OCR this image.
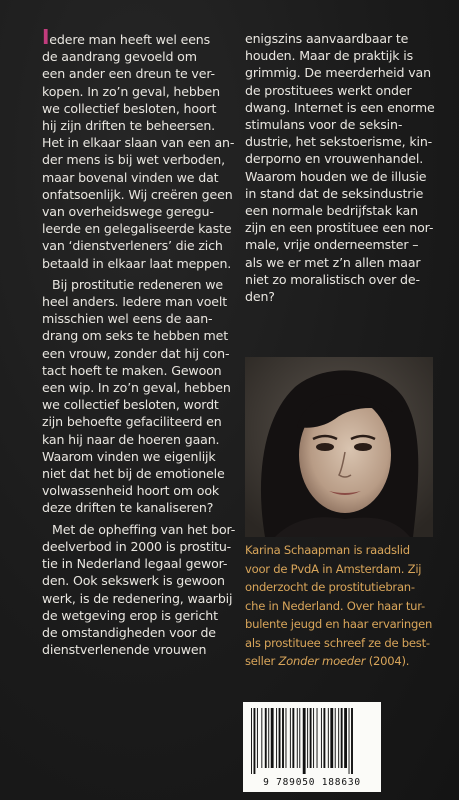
Iedere man heeft wel eens
de aandrang gevoeld om
een ander een dreun te ver-
kopen. In zo’n geval, hebben
we collectief besloten, hoort
hij zijn driften te beheersen.
Het in elkaar slaan van een an-
der mens is bij wet verboden,
maar bovenal vinden we dat
onfatsoenlijk. Wij creëren geen
van overheidswege geregu-
leerde en gelegaliseerde kaste
van ‘dienstverleners’ die zich
betaald in elkaar laat meppen.
Bij prostitutie redeneren we
heel anders. Iedere man voelt
misschien wel eens de aan-
drang om seks te hebben met
een vrouw, zonder dat hij con-
tact hoeft te maken. Gewoon
een wip. In zo’n geval, hebben
we collectief besloten, wordt
zijn behoefte gefaciliteerd en
kan hij naar de hoeren gaan.
Waarom vinden we eigenlijk
niet dat het bij de emotionele
volwassenheid hoort om ook
deze driften te kanaliseren?
Met de opheffing van het bor-
deelverbod in 2000 is prostitu-
tie in Nederland legaal gewor-
den. Ook sekswerk is gewoon
werk, is de redenering, waarbij
de wetgeving erop is gericht
de omstandigheden voor de
dienstverlenende vrouwen
enigszins aanvaardbaar te
houden. Maar de praktijk is
grimmig. De meerderheid van
de prostituees werkt onder
dwang. Internet is een enorme
stimulans voor de seksin-
dustrie, het sekstoerisme, kin-
derporno en vrouwenhandel.
Waarom houden we de illusie
in stand dat de seksindustrie
een normale bedrijfstak kan
zijn en een prostituee een nor-
male, vrije onderneemster –
als we er met z’n allen maar
niet zo moralistisch over de-
den?
Karina Schaapman is raadslid
voor de PvdA in Amsterdam. Zij
onderzocht de prostitutiebran-
che in Nederland. Over haar tur-
bulente jeugd en haar ervaringen
als prostituee schreef ze de best-
seller Zonder moeder (2004).
9 789050 188630
